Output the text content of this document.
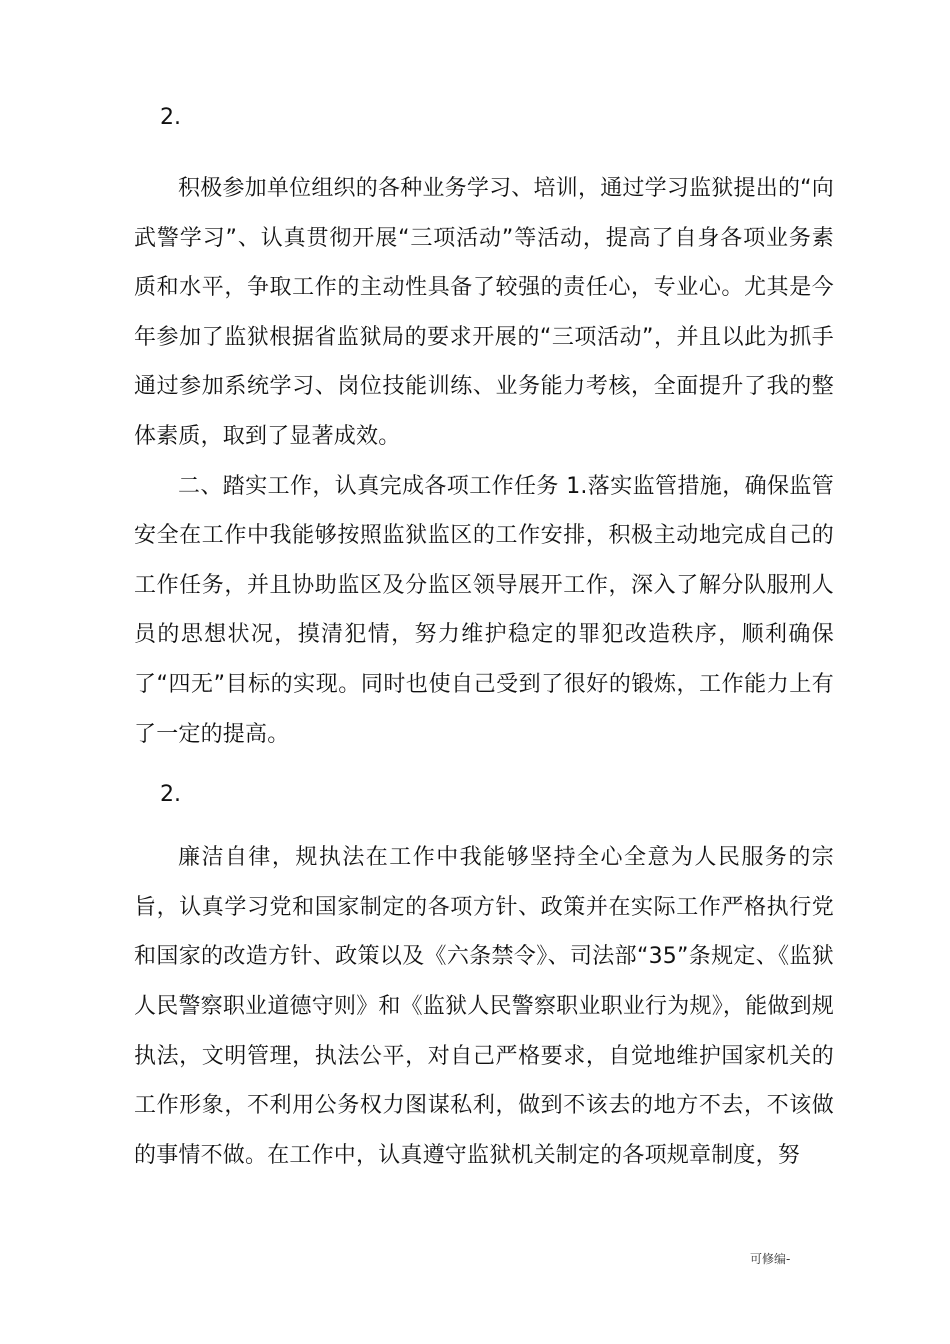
2.

积极参加单位组织的各种业务学习、培训，通过学习监狱提出的“向武警学习”、认真贯彻开展“三项活动”等活动，提高了自身各项业务素质和水平，争取工作的主动性具备了较强的责任心，专业心。尤其是今年参加了监狱根据省监狱局的要求开展的“三项活动”，并且以此为抓手通过参加系统学习、岗位技能训练、业务能力考核，全面提升了我的整体素质，取到了显著成效。

二、踏实工作，认真完成各项工作任务 1.落实监管措施，确保监管安全在工作中我能够按照监狱监区的工作安排，积极主动地完成自己的工作任务，并且协助监区及分监区领导展开工作，深入了解分队服刑人员的思想状况，摸清犯情，努力维护稳定的罪犯改造秩序，顺利确保了“四无”目标的实现。同时也使自己受到了很好的锻炼，工作能力上有了一定的提高。

2.

廉洁自律，规执法在工作中我能够坚持全心全意为人民服务的宗旨，认真学习党和国家制定的各项方针、政策并在实际工作严格执行党和国家的改造方针、政策以及《六条禁令》、司法部“35”条规定、《监狱人民警察职业道德守则》和《监狱人民警察职业职业行为规》，能做到规执法，文明管理，执法公平，对自己严格要求，自觉地维护国家机关的工作形象，不利用公务权力图谋私利，做到不该去的地方不去，不该做的事情不做。在工作中，认真遵守监狱机关制定的各项规章制度，努

可修编-
